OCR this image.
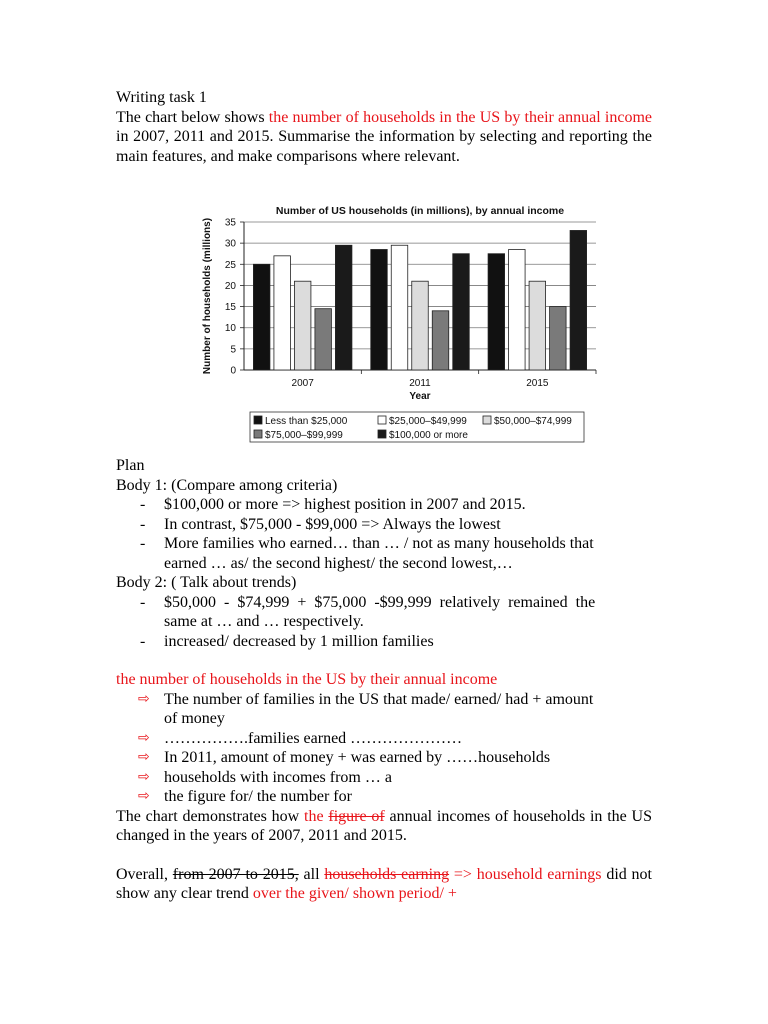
Writing task 1
The chart below shows the number of households in the US by their annual income in 2007, 2011 and 2015. Summarise the information by selecting and reporting the main features, and make comparisons where relevant.
Plan
Body 1: (Compare among criteria)
- $100,000 or more => highest position in 2007 and 2015.
- In contrast, $75,000 - $99,000 => Always the lowest
- More families who earned… than … / not as many households that
earned … as/ the second highest/ the second lowest,…
Body 2: ( Talk about trends)
- $50,000  -  $74,999  +  $75,000  -$99,999  relatively  remained  the
same at … and … respectively.
- increased/ decreased by 1 million families
the number of households in the US by their annual income
⇨ The number of families in the US that made/ earned/ had + amount
of money
⇨ …………….families earned …………………
⇨ In 2011, amount of money + was earned by ……households
⇨ households with incomes from … a
⇨ the figure for/ the number for
The chart demonstrates how the figure of annual incomes of households in the US changed in the years of 2007, 2011 and 2015.
Overall, from 2007 to 2015, all households earning => household earnings did not show any clear trend over the given/ shown period/ +
Number of US households (in millions), by annual income
Number of households (millions) 0
5
10
15
20
25
30
35
2007	2011	2015
Year
Less than $25,000	$25,000–$49,999	$50,000–$74,999
$75,000–$99,999	$100,000 or more
